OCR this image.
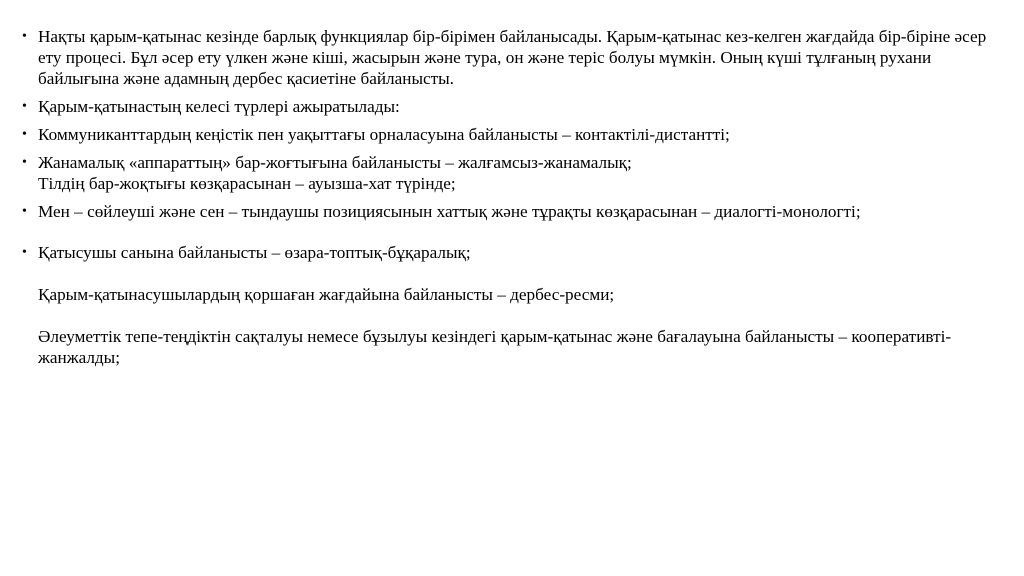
• Нақты қарым-қатынас кезінде барлық функциялар бір-бірімен байланысады. Қарым-қатынас кез-келген жағдайда бір-біріне әсер ету процесі. Бұл әсер ету үлкен және кіші, жасырын және тура, он және теріс болуы мүмкін. Оның күші тұлғаның рухани байлығына және адамның дербес қасиетіне байланысты.

• Қарым-қатынастың келесі түрлері ажыратылады:

• Коммуниканттардың кеңістік пен уақыттағы орналасуына байланысты – контактілі-дистантті;

• Жанамалық «аппараттың» бар-жоғтығына байланысты – жалғамсыз-жанамалық;

Тілдің бар-жоқтығы көзқарасынан – ауызша-хат түрінде;

• Мен – сөйлеуші және сен – тындаушы позициясынын хаттық және тұрақты көзқарасынан – диалогті-монологті;

• Қатысушы санына байланысты – өзара-топтық-бұқаралық;

Қарым-қатынасушылардың қоршаған жағдайына байланысты – дербес-ресми;

Әлеуметтік тепе-теңдіктін сақталуы немесе бұзылуы кезіндегі қарым-қатынас және бағалауына байланысты – кооперативті-жанжалды;
